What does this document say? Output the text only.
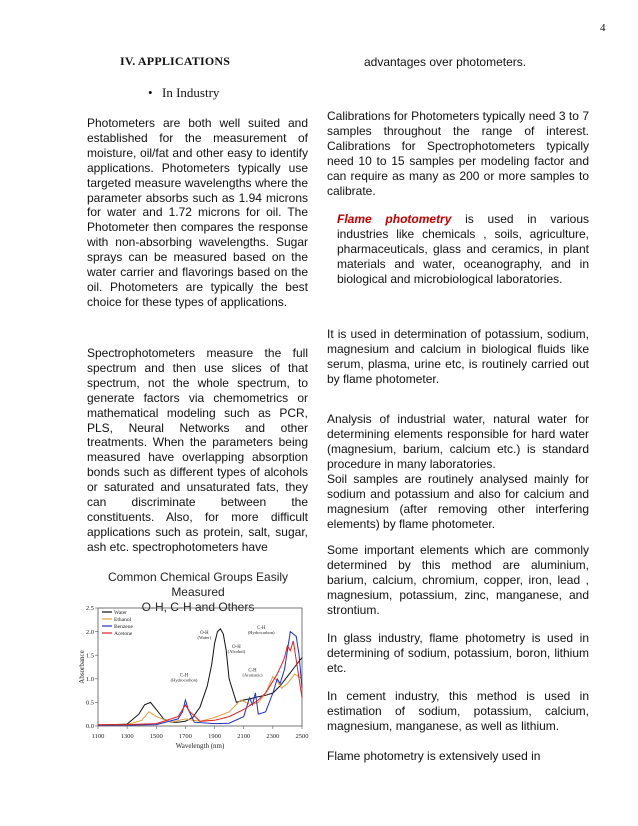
4
IV. APPLICATIONS
• In Industry

Photometers are both well suited and established for the measurement of moisture, oil/fat and other easy to identify applications. Photometers typically use targeted measure wavelengths where the parameter absorbs such as 1.94 microns for water and 1.72 microns for oil. The Photometer then compares the response with non-absorbing wavelengths. Sugar sprays can be measured based on the water carrier and flavorings based on the oil. Photometers are typically the best choice for these types of applications.

Spectrophotometers measure the full spectrum and then use slices of that spectrum, not the whole spectrum, to generate factors via chemometrics or mathematical modeling such as PCR, PLS, Neural Networks and other treatments. When the parameters being measured have overlapping absorption bonds such as different types of alcohols or saturated and unsaturated fats, they can discriminate between the constituents. Also, for more difficult applications such as protein, salt, sugar, ash etc. spectrophotometers have

advantages over photometers.

Calibrations for Photometers typically need 3 to 7 samples throughout the range of interest. Calibrations for Spectrophotometers typically need 10 to 15 samples per modeling factor and can require as many as 200 or more samples to calibrate.

Flame photometry is used in various industries like chemicals , soils, agriculture, pharmaceuticals, glass and ceramics, in plant materials and water, oceanography, and in biological and microbiological laboratories.

It is used in determination of potassium, sodium, magnesium and calcium in biological fluids like serum, plasma, urine etc, is routinely carried out by flame photometer.

Analysis of industrial water, natural water for determining elements responsible for hard water (magnesium, barium, calcium etc.) is standard procedure in many laboratories.

Soil samples are routinely analysed mainly for sodium and potassium and also for calcium and magnesium (after removing other interfering elements) by flame photometer.

Some important elements which are commonly determined by this method are aluminium, barium, calcium, chromium, copper, iron, lead , magnesium, potassium, zinc, manganese, and strontium.

In glass industry, flame photometry is used in determining of sodium, potassium, boron, lithium etc.

In cement industry, this method is used in estimation of sodium, potassium, calcium, magnesium, manganese, as well as lithium.

Flame photometry is extensively used in

Common Chemical Groups Easily Measured
O-H, C-H and Others
1100	1300 1500 1700 1900 2100 2300 2500
0.0
0.5
1.0
1.5
2.0
2.5
Wavelength (nm)
Absorbance
Water
Ethanol
Benzene
Acetone
C-H
(Hydrocarbon)
O-H
(Water)
O-H
(Alcohol)
C-H
(Aromatic)
C-H
(Hydrocarbon)
